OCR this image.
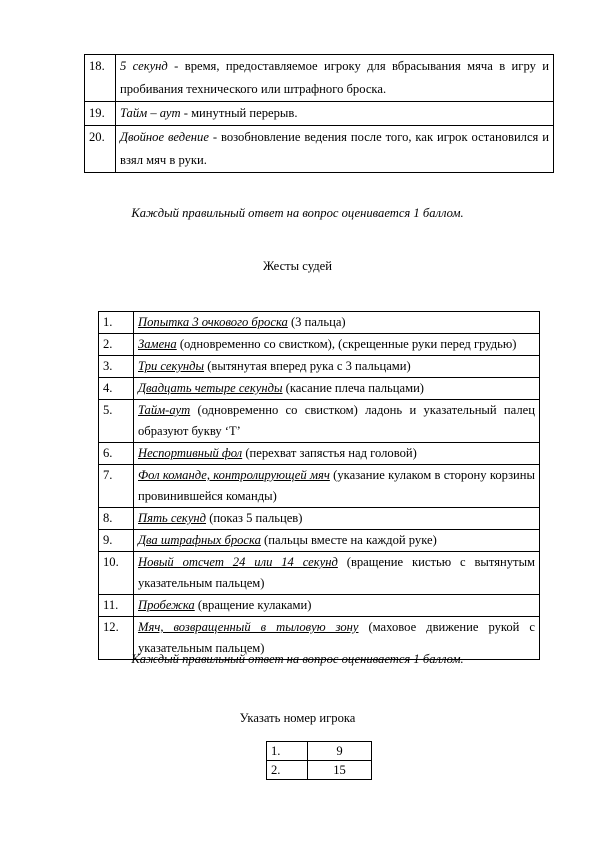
18.	5 секунд - время, предоставляемое игроку для вбрасывания мяча в игру и пробивания технического или штрафного броска.
19.	Тайм – аут - минутный перерыв.
20.	Двойное ведение - возобновление ведения после того, как игрок остановился и взял мяч в руки.
Каждый правильный ответ на вопрос оценивается 1 баллом.
Жесты судей
1.	Попытка 3 очкового броска (3 пальца)
2.	Замена (одновременно со свистком), (скрещенные руки перед грудью)
3.	Три секунды (вытянутая вперед рука с 3 пальцами)
4.	Двадцать четыре секунды (касание плеча пальцами)
5.	Тайм-аут (одновременно со свистком) ладонь и указательный палец образуют букву ‘T’
6.	Неспортивный фол (перехват запястья над головой)
7.	Фол команде, контролирующей мяч (указание кулаком в сторону корзины провинившейся команды)
8.	Пять секунд (показ 5 пальцев)
9.	Два штрафных броска (пальцы вместе на каждой руке)
10.	Новый отсчет 24 или 14 секунд (вращение кистью с вытянутым указательным пальцем)
11.	Пробежка (вращение кулаками)
12.	Мяч, возвращенный в тыловую зону (маховое движение рукой с указательным пальцем)
Каждый правильный ответ на вопрос оценивается 1 баллом.
Указать номер игрока
1.	9
2.	15
